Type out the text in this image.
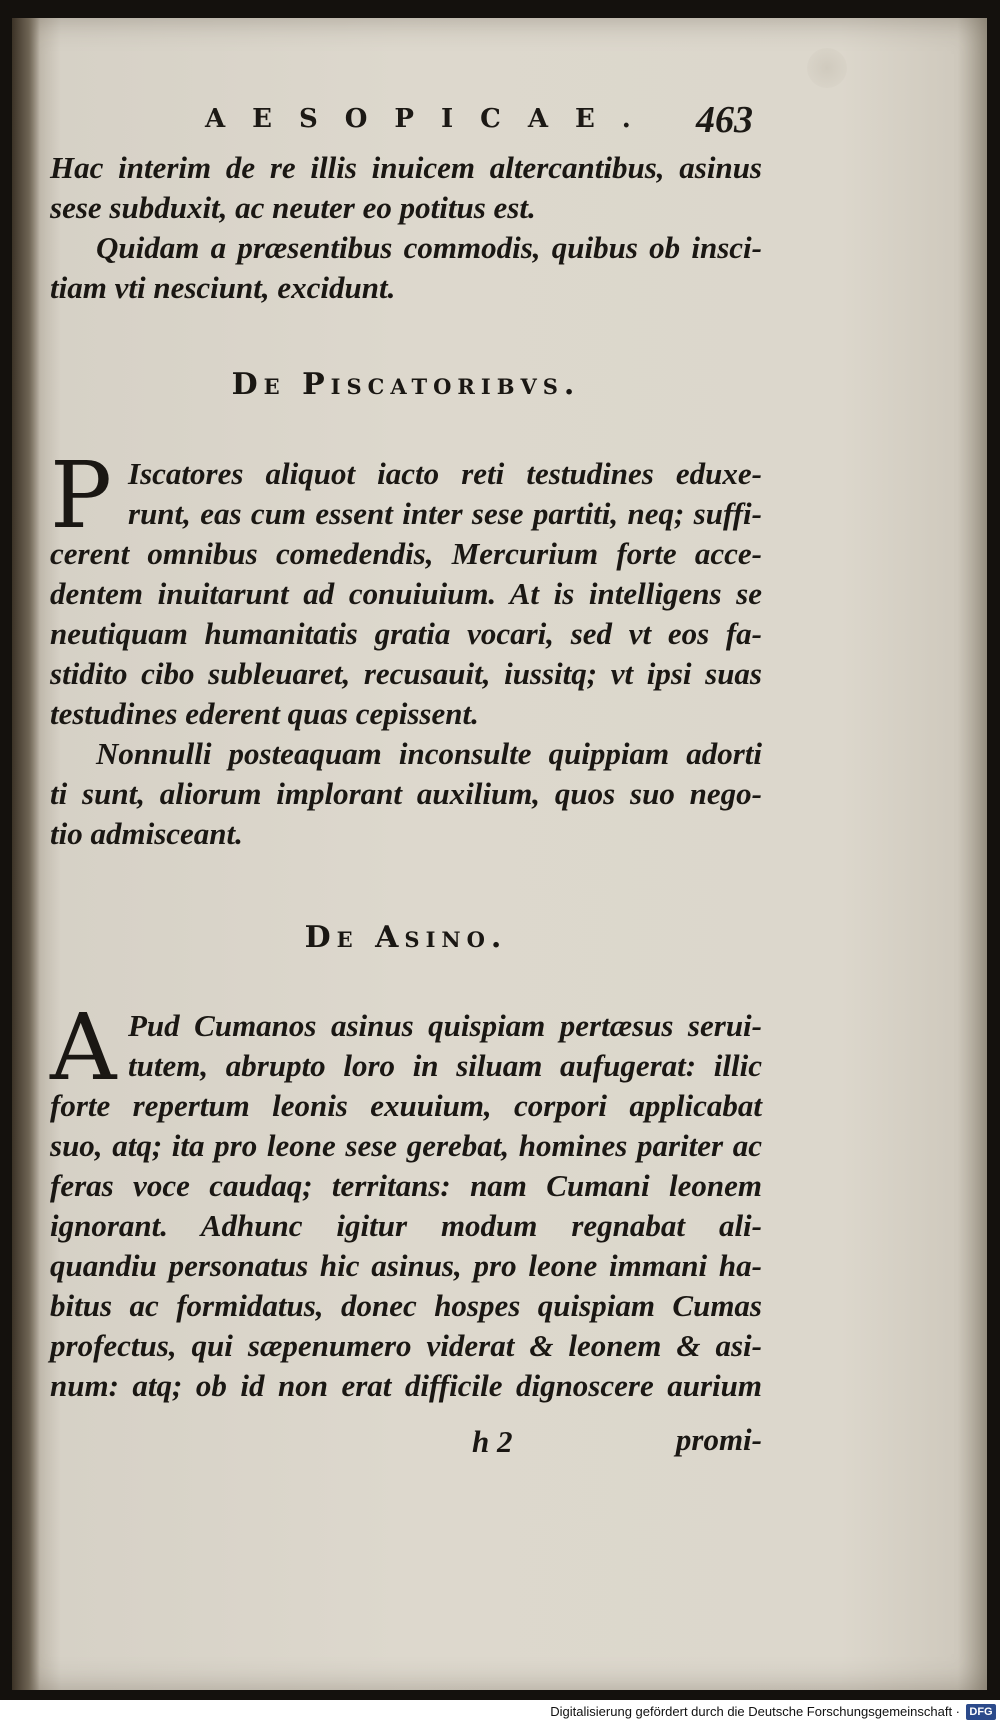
AESOPICAE. 463
Hac interim de re illis inuicem altercantibus, asinus
sese subduxit, ac neuter eo potitus est.
Quidam a præsentibus commodis, quibus ob insci-
tiam vti nesciunt, excidunt.
De Piscatoribvs.
P Iscatores aliquot iacto reti testudines eduxe-
runt, eas cum essent inter sese partiti, neq; suffi-
cerent omnibus comedendis, Mercurium forte acce-
dentem inuitarunt ad conuiuium. At is intelligens se
neutiquam humanitatis gratia vocari, sed vt eos fa-
stidito cibo subleuaret, recusauit, iussitq; vt ipsi suas
testudines ederent quas cepissent.
Nonnulli posteaquam inconsulte quippiam adorti
ti sunt, aliorum implorant auxilium, quos suo nego-
tio admisceant.
De Asino.
A Pud Cumanos asinus quispiam pertæsus serui-
tutem, abrupto loro in siluam aufugerat: illic
forte repertum leonis exuuium, corpori applicabat
suo, atq; ita pro leone sese gerebat, homines pariter ac
feras voce caudaq; territans: nam Cumani leonem
ignorant. Adhunc igitur modum regnabat ali-
quandiu personatus hic asinus, pro leone immani ha-
bitus ac formidatus, donec hospes quispiam Cumas
profectus, qui sæpenumero viderat & leonem & asi-
num: atq; ob id non erat difficile dignoscere aurium
h 2	promi-
Digitalisierung gefördert durch die Deutsche Forschungsgemeinschaft · DFG
